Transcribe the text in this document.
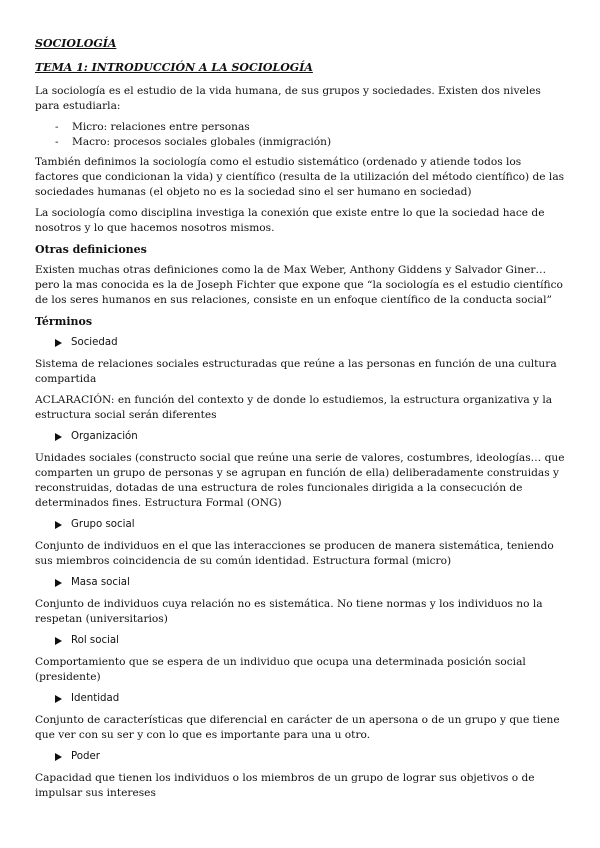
SOCIOLOGÍA
TEMA 1: INTRODUCCIÓN A LA SOCIOLOGÍA

La sociología es el estudio de la vida humana, de sus grupos y sociedades. Existen dos niveles para estudiarla:

- Micro: relaciones entre personas
- Macro: procesos sociales globales (inmigración)

También definimos la sociología como el estudio sistemático (ordenado y atiende todos los factores que condicionan la vida) y científico (resulta de la utilización del método científico) de las sociedades humanas (el objeto no es la sociedad sino el ser humano en sociedad)

La sociología como disciplina investiga la conexión que existe entre lo que la sociedad hace de nosotros y lo que hacemos nosotros mismos.

Otras definiciones

Existen muchas otras definiciones como la de Max Weber, Anthony Giddens y Salvador Giner… pero la mas conocida es la de Joseph Fichter que expone que “la sociología es el estudio científico de los seres humanos en sus relaciones, consiste en un enfoque científico de la conducta social”

Términos
Sociedad

Sistema de relaciones sociales estructuradas que reúne a las personas en función de una cultura compartida

ACLARACIÓN: en función del contexto y de donde lo estudiemos, la estructura organizativa y la estructura social serán diferentes

Organización

Unidades sociales (constructo social que reúne una serie de valores, costumbres, ideologías… que comparten un grupo de personas y se agrupan en función de ella) deliberadamente construidas y reconstruidas, dotadas de una estructura de roles funcionales dirigida a la consecución de determinados fines. Estructura Formal (ONG)

Grupo social

Conjunto de individuos en el que las interacciones se producen de manera sistemática, teniendo sus miembros coincidencia de su común identidad. Estructura formal (micro)

Masa social

Conjunto de individuos cuya relación no es sistemática. No tiene normas y los individuos no la respetan (universitarios)

Rol social

Comportamiento que se espera de un individuo que ocupa una determinada posición social (presidente)

Identidad

Conjunto de características que diferencial en carácter de un apersona o de un grupo y que tiene que ver con su ser y con lo que es importante para una u otro.

Poder

Capacidad que tienen los individuos o los miembros de un grupo de lograr sus objetivos o de impulsar sus intereses
